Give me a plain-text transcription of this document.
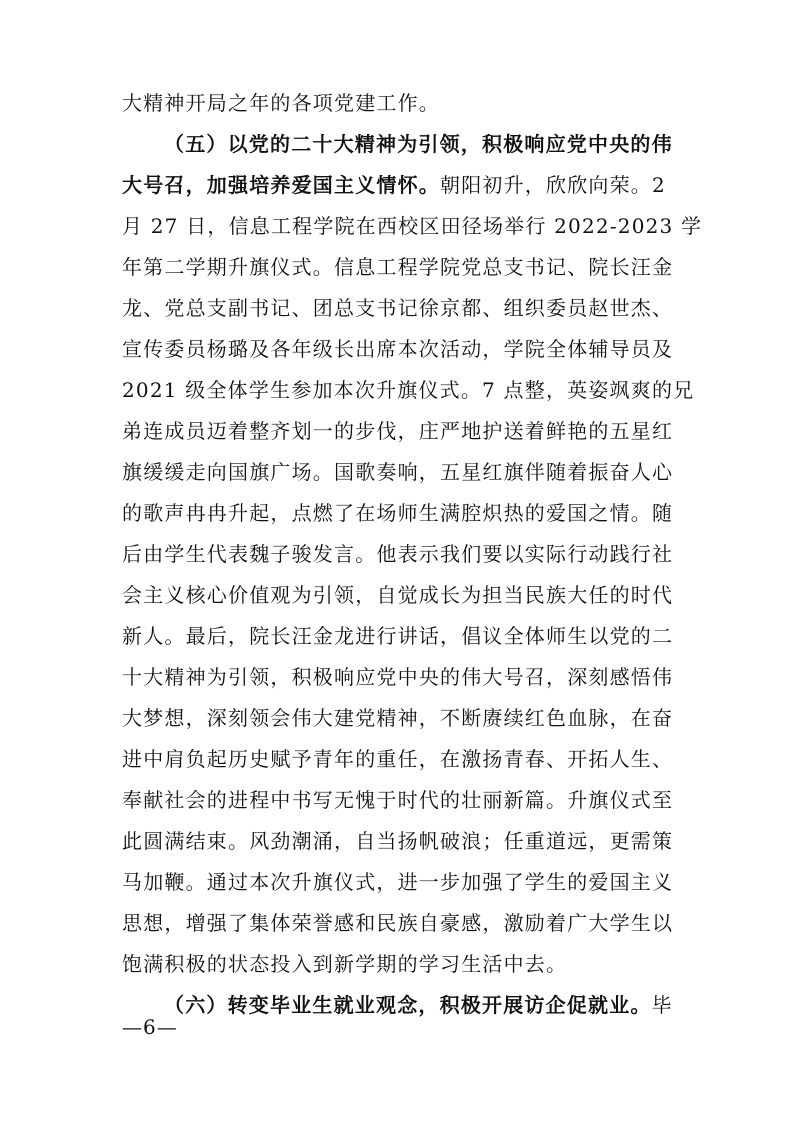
大精神开局之年的各项党建工作。
（五）以党的二十大精神为引领，积极响应党中央的伟
大号召，加强培养爱国主义情怀。朝阳初升，欣欣向荣。2
月 27 日，信息工程学院在西校区田径场举行 2022-2023 学
年第二学期升旗仪式。信息工程学院党总支书记、院长汪金
龙、党总支副书记、团总支书记徐京都、组织委员赵世杰、
宣传委员杨璐及各年级长出席本次活动，学院全体辅导员及
2021 级全体学生参加本次升旗仪式。7 点整，英姿飒爽的兄
弟连成员迈着整齐划一的步伐，庄严地护送着鲜艳的五星红
旗缓缓走向国旗广场。国歌奏响，五星红旗伴随着振奋人心
的歌声冉冉升起，点燃了在场师生满腔炽热的爱国之情。随
后由学生代表魏子骏发言。他表示我们要以实际行动践行社
会主义核心价值观为引领，自觉成长为担当民族大任的时代
新人。最后，院长汪金龙进行讲话，倡议全体师生以党的二
十大精神为引领，积极响应党中央的伟大号召，深刻感悟伟
大梦想，深刻领会伟大建党精神，不断赓续红色血脉，在奋
进中肩负起历史赋予青年的重任，在激扬青春、开拓人生、
奉献社会的进程中书写无愧于时代的壮丽新篇。升旗仪式至
此圆满结束。风劲潮涌，自当扬帆破浪；任重道远，更需策
马加鞭。通过本次升旗仪式，进一步加强了学生的爱国主义
思想，增强了集体荣誉感和民族自豪感，激励着广大学生以
饱满积极的状态投入到新学期的学习生活中去。
（六）转变毕业生就业观念，积极开展访企促就业。毕
—6—
